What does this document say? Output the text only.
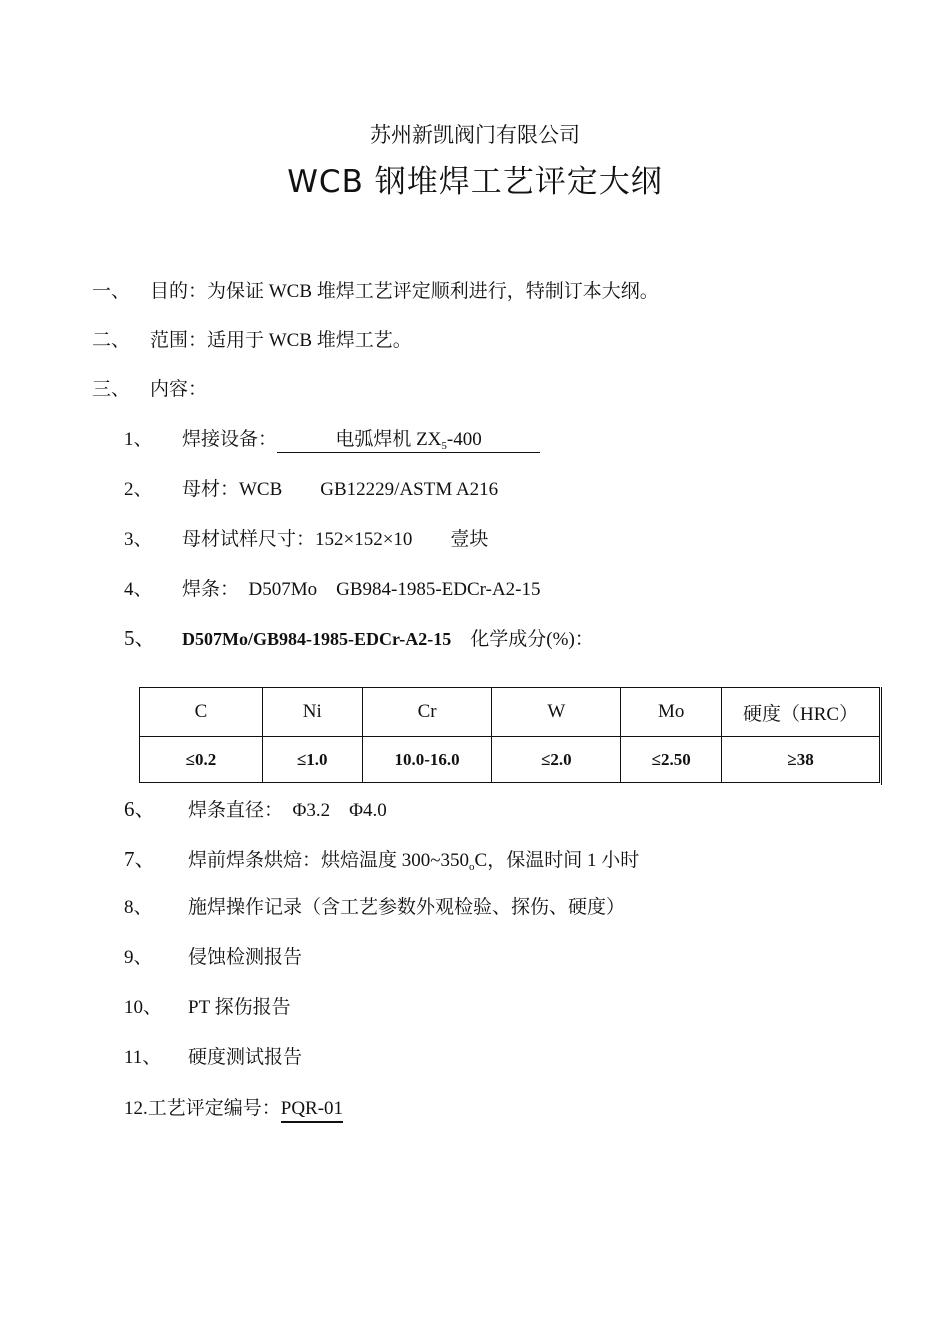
苏州新凯阀门有限公司
WCB 钢堆焊工艺评定大纲
一、 目的：为保证 WCB 堆焊工艺评定顺利进行，特制订本大纲。
二、 范围：适用于 WCB 堆焊工艺。
三、 内容：
1、 焊接设备：	电弧焊机 $ZX_5-400$
2、 母材：WCB　　GB12229/ASTM A216
3、 母材试样尺寸：152×152×10　　壹块
4、 焊条：　D507Mo　GB984-1985-EDCr-A2-15
5、 D507Mo/GB984-1985-EDCr-A2-15　化学成分(%)：
C	Ni	Cr	W	Mo	硬度（HRC）
≤0.2	≤1.0	10.0-16.0	≤2.0	≤2.50	≥38
6、 焊条直径：　Φ3.2　Φ4.0
7、 焊前焊条烘焙：烘焙温度 $300\sim 350_oC$，保温时间 1 小时
8、 施焊操作记录（含工艺参数外观检验、探伤、硬度）
9、 侵蚀检测报告
10、 PT 探伤报告
11、 硬度测试报告
12.工艺评定编号：PQR-01
